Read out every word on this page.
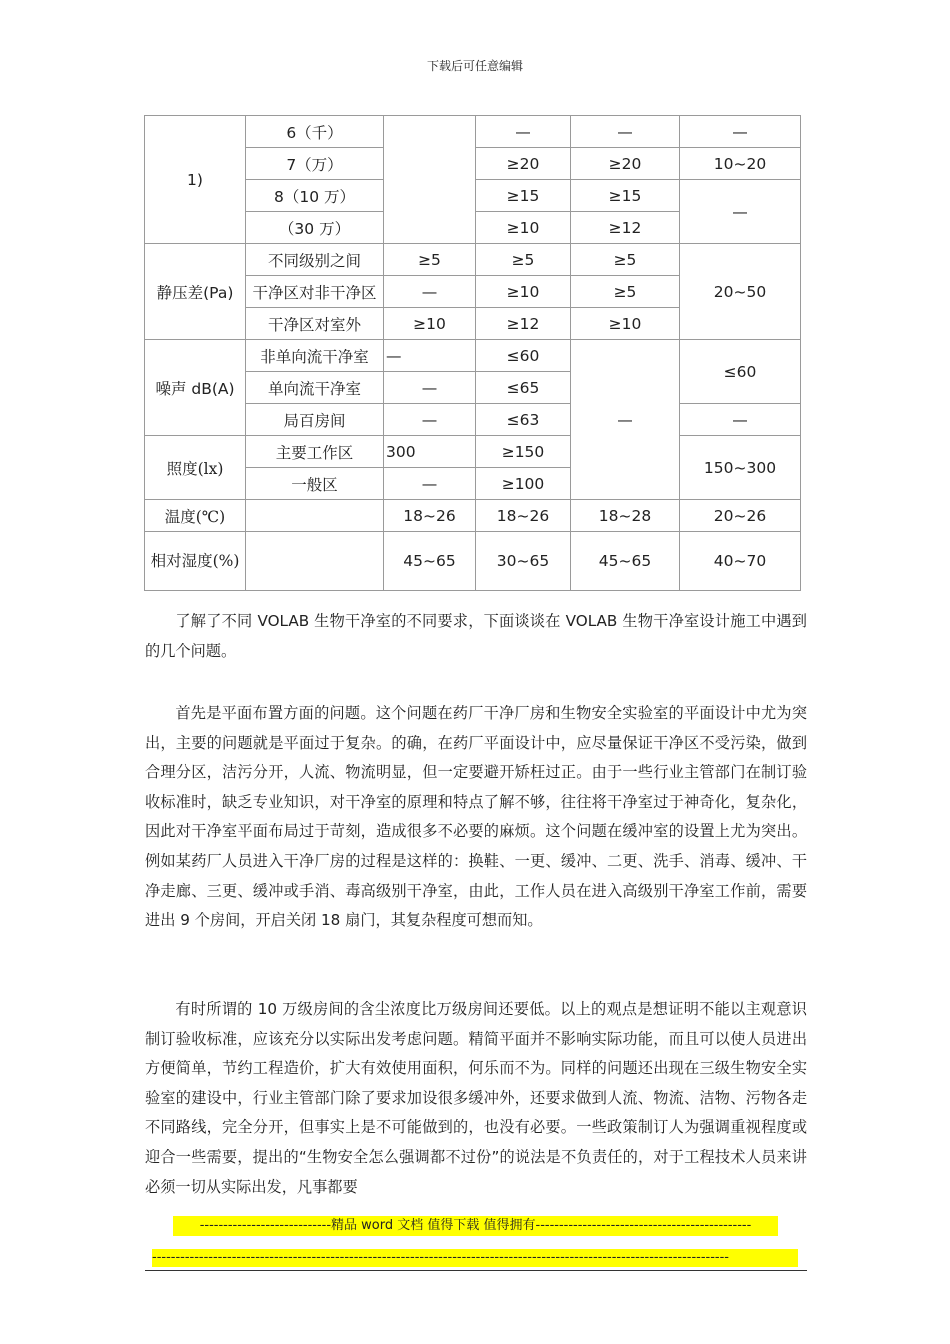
下载后可任意编辑
1)	6（千）		—	—	—
	7（万）		≥20	≥20	10~20
	8（10 万）		≥15	≥15	—
	（30 万）		≥10	≥12	
静压差(Pa)	不同级别之间	≥5	≥5	≥5	20~50
	干净区对非干净区	—	≥10	≥5	
	干净区对室外	≥10	≥12	≥10	
噪声 dB(A)	非单向流干净室	—	≤60	—	≤60
	单向流干净室	—	≤65		
	局百房间	—	≤63		—
照度(lx)	主要工作区	300	≥150		150~300
	一般区	—	≥100		
温度(℃)		18~26	18~26	18~28	20~26
相对湿度(%)		45~65	30~65	45~65	40~70

了解了不同 VOLAB 生物干净室的不同要求，下面谈谈在 VOLAB 生物干净室设计施工中遇到的几个问题。

首先是平面布置方面的问题。这个问题在药厂干净厂房和生物安全实验室的平面设计中尤为突出，主要的问题就是平面过于复杂。的确，在药厂平面设计中，应尽量保证干净区不受污染，做到合理分区，洁污分开，人流、物流明显，但一定要避开矫枉过正。由于一些行业主管部门在制订验收标准时，缺乏专业知识，对干净室的原理和特点了解不够，往往将干净室过于神奇化，复杂化，因此对干净室平面布局过于苛刻，造成很多不必要的麻烦。这个问题在缓冲室的设置上尤为突出。例如某药厂人员进入干净厂房的过程是这样的：换鞋、一更、缓冲、二更、洗手、消毒、缓冲、干净走廊、三更、缓冲或手消、毒高级别干净室，由此，工作人员在进入高级别干净室工作前，需要进出 9 个房间，开启关闭 18 扇门，其复杂程度可想而知。

有时所谓的 10 万级房间的含尘浓度比万级房间还要低。以上的观点是想证明不能以主观意识制订验收标准，应该充分以实际出发考虑问题。精简平面并不影响实际功能，而且可以使人员进出方便简单，节约工程造价，扩大有效使用面积，何乐而不为。同样的问题还出现在三级生物安全实验室的建设中，行业主管部门除了要求加设很多缓冲外，还要求做到人流、物流、洁物、污物各走不同路线，完全分开，但事实上是不可能做到的，也没有必要。一些政策制订人为强调重视程度或迎合一些需要，提出的“生物安全怎么强调都不过份”的说法是不负责任的，对于工程技术人员来讲必须一切从实际出发，凡事都要

----------------------------精品 word 文档 值得下载 值得拥有----------------------------------------------
---------------------------------------------------------------------------------------------------------------------------
